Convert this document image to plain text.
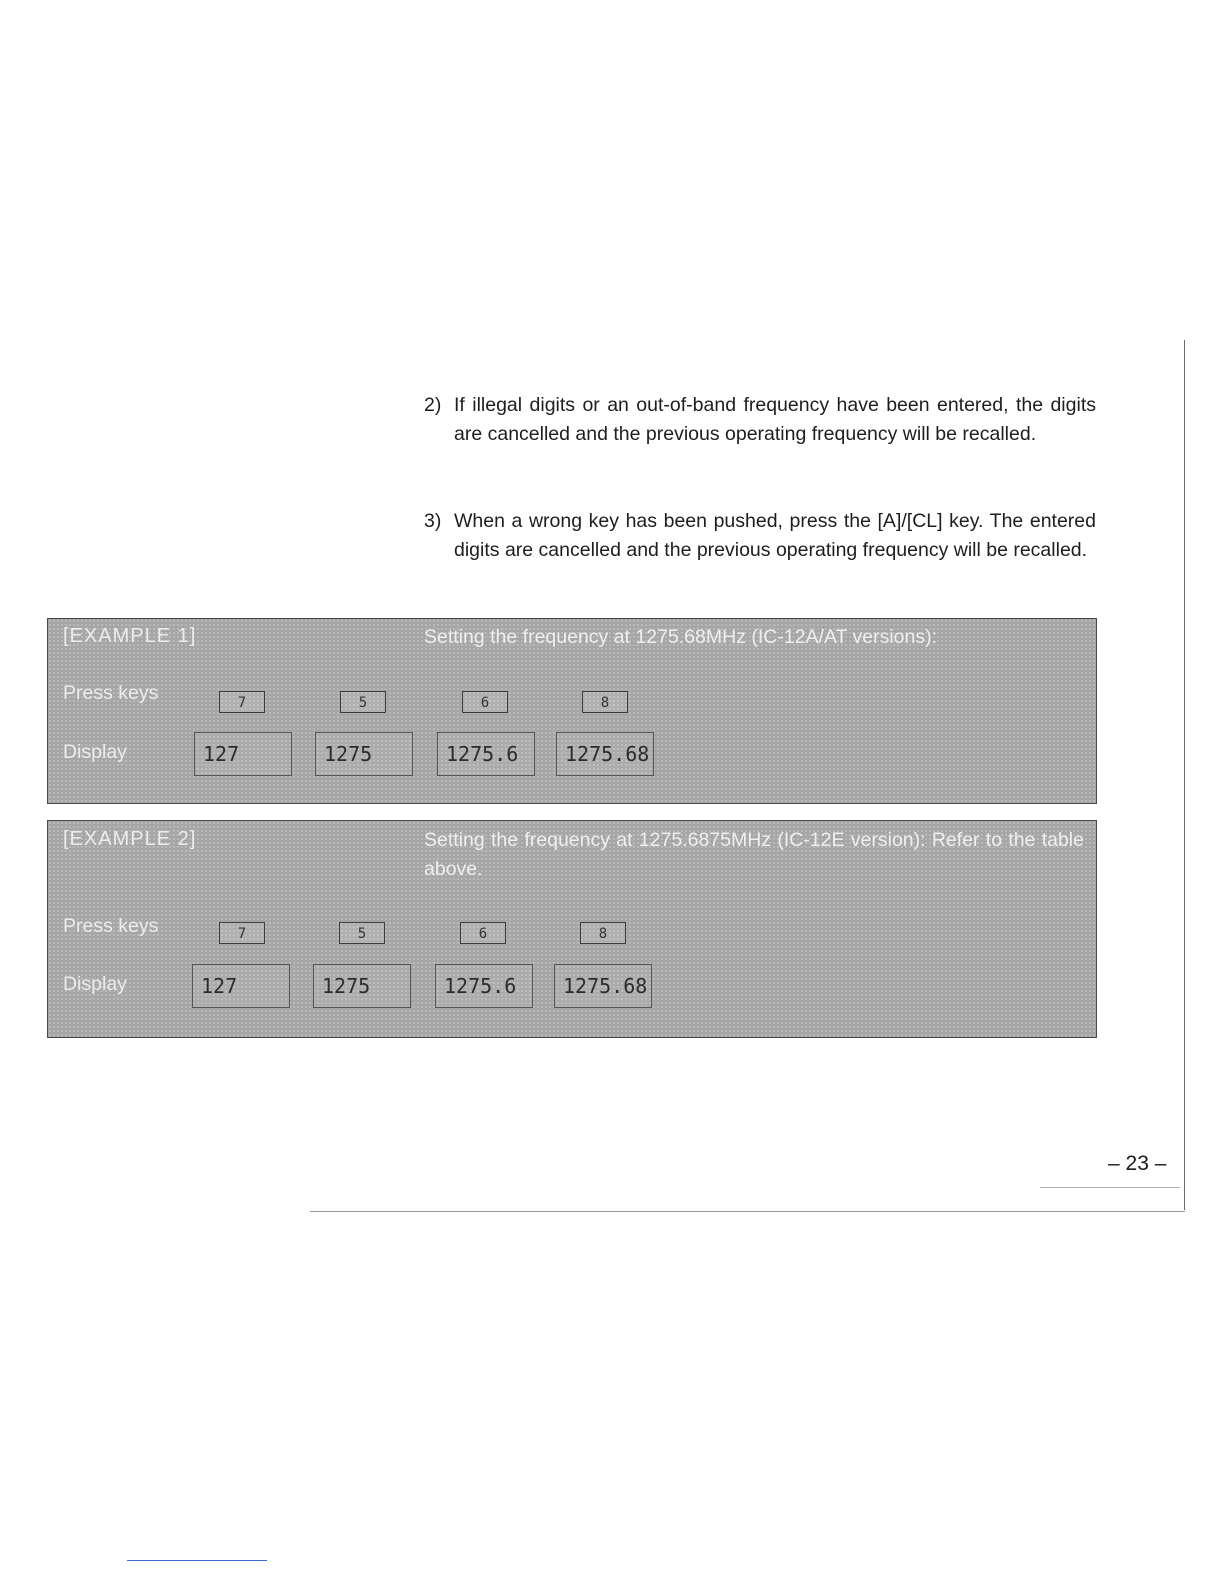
2) If illegal digits or an out-of-band frequency have been entered, the digits are cancelled and the previous operating frequency will be recalled.
3) When a wrong key has been pushed, press the [A]/[CL] key. The entered digits are cancelled and the previous operating frequency will be recalled.
[EXAMPLE 1]	Setting the frequency at 1275.68MHz (IC-12A/AT versions):
Press keys	7	5	6	8
Display	127	1275	1275.6	1275.68
[EXAMPLE 2]	Setting the frequency at 1275.6875MHz (IC-12E version): Refer to the table above.
Press keys	7	5	6	8
Display	127	1275	1275.6	1275.68
– 23 –
